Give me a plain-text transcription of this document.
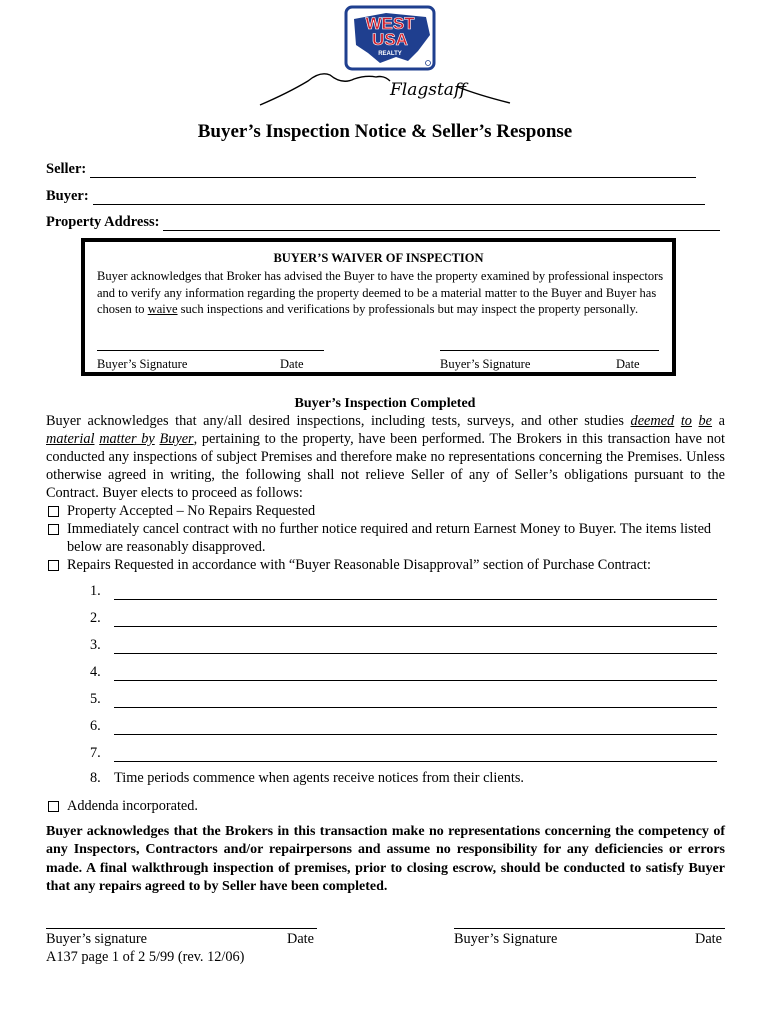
WEST
USA
REALTY
Flagstaff
Buyer’s Inspection Notice & Seller’s Response
Seller:
Buyer:
Property Address:
BUYER’S WAIVER OF INSPECTION
Buyer acknowledges that Broker has advised the Buyer to have the property examined by professional inspectors and to verify any information regarding the property deemed to be a material matter to the Buyer and Buyer has chosen to waive such inspections and verifications by professionals but may inspect the property personally.
Buyer’s Signature	Date	Buyer’s Signature	Date
Buyer’s Inspection Completed
Buyer acknowledges that any/all desired inspections, including tests, surveys, and other studies deemed to be a material matter by Buyer, pertaining to the property, have been performed. The Brokers in this transaction have not conducted any inspections of subject Premises and therefore make no representations concerning the Premises. Unless otherwise agreed in writing, the following shall not relieve Seller of any of Seller’s obligations pursuant to the Contract. Buyer elects to proceed as follows:
Property Accepted – No Repairs Requested
Immediately cancel contract with no further notice required and return Earnest Money to Buyer. The items listed below are reasonably disapproved.
Repairs Requested in accordance with “Buyer Reasonable Disapproval” section of Purchase Contract:
1.
2.
3.
4.
5.
6.
7.
8. Time periods commence when agents receive notices from their clients.
Addenda incorporated.
Buyer acknowledges that the Brokers in this transaction make no representations concerning the competency of any Inspectors, Contractors and/or repairpersons and assume no responsibility for any deficiencies or errors made. A final walkthrough inspection of premises, prior to closing escrow, should be conducted to satisfy Buyer that any repairs agreed to by Seller have been completed.
Buyer’s signature	Date	Buyer’s Signature	Date
A137 page 1 of 2 5/99 (rev. 12/06)
